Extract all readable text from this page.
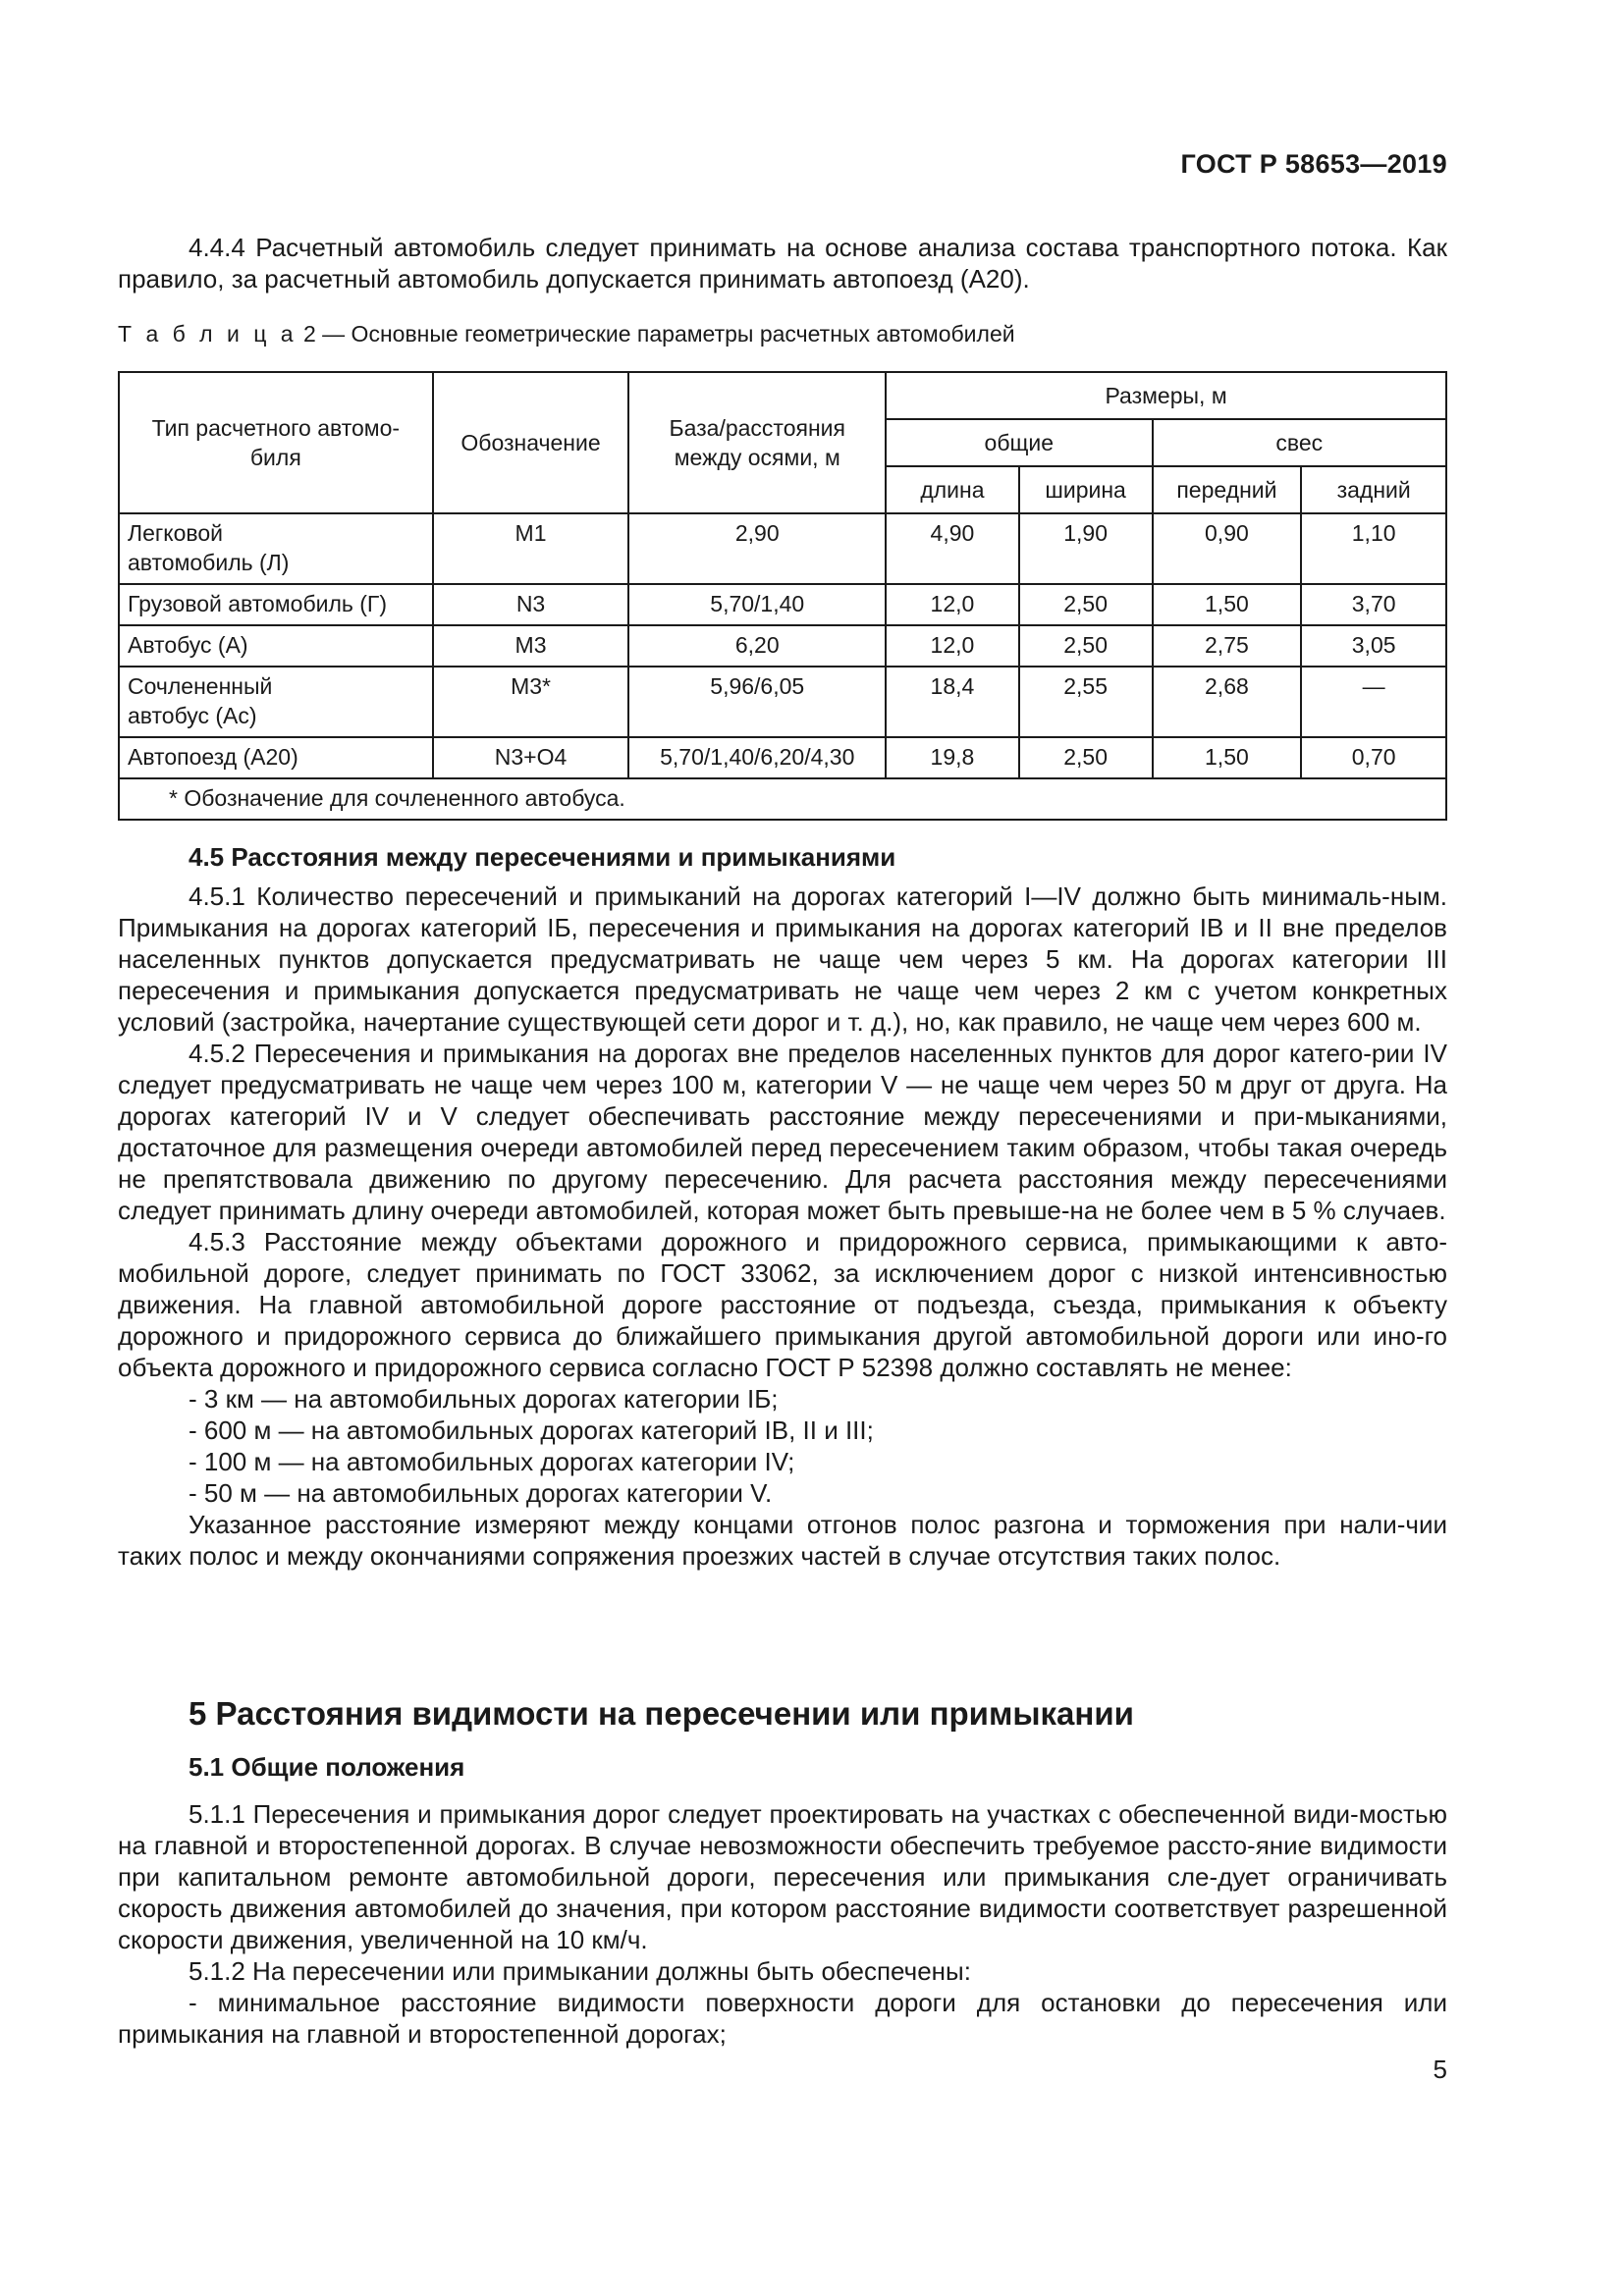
ГОСТ Р 58653—2019

4.4.4 Расчетный автомобиль следует принимать на основе анализа состава транспортного потока. Как правило, за расчетный автомобиль допускается принимать автопоезд (А20).

Т а б л и ц а 2 — Основные геометрические параметры расчетных автомобилей
Тип расчетного автомо-биля	Обозначение	База/расстояния между осями, м	Размеры, м			
			общие		свес	
			длина	ширина	передний	задний
Легковой автомобиль (Л)	M1	2,90	4,90	1,90	0,90	1,10
Грузовой автомобиль (Г)	N3	5,70/1,40	12,0	2,50	1,50	3,70
Автобус (А)	M3	6,20	12,0	2,50	2,75	3,05
Сочлененный автобус (Ас)	M3*	5,96/6,05	18,4	2,55	2,68	—
Автопоезд (А20)	N3+O4	5,70/1,40/6,20/4,30	19,8	2,50	1,50	0,70
* Обозначение для сочлененного автобуса.						

4.5 Расстояния между пересечениями и примыканиями

4.5.1 Количество пересечений и примыканий на дорогах категорий I—IV должно быть минималь-ным. Примыкания на дорогах категорий IБ, пересечения и примыкания на дорогах категорий IВ и II вне пределов населенных пунктов допускается предусматривать не чаще чем через 5 км. На дорогах категории III пересечения и примыкания допускается предусматривать не чаще чем через 2 км с учетом конкретных условий (застройка, начертание существующей сети дорог и т. д.), но, как правило, не чаще чем через 600 м.

4.5.2 Пересечения и примыкания на дорогах вне пределов населенных пунктов для дорог катего-рии IV следует предусматривать не чаще чем через 100 м, категории V — не чаще чем через 50 м друг от друга. На дорогах категорий IV и V следует обеспечивать расстояние между пересечениями и при-мыканиями, достаточное для размещения очереди автомобилей перед пересечением таким образом, чтобы такая очередь не препятствовала движению по другому пересечению. Для расчета расстояния между пересечениями следует принимать длину очереди автомобилей, которая может быть превыше-на не более чем в 5 % случаев.

4.5.3 Расстояние между объектами дорожного и придорожного сервиса, примыкающими к авто-мобильной дороге, следует принимать по ГОСТ 33062, за исключением дорог с низкой интенсивностью движения. На главной автомобильной дороге расстояние от подъезда, съезда, примыкания к объекту дорожного и придорожного сервиса до ближайшего примыкания другой автомобильной дороги или ино-го объекта дорожного и придорожного сервиса согласно ГОСТ Р 52398 должно составлять не менее:

- 3 км — на автомобильных дорогах категории IБ;

- 600 м — на автомобильных дорогах категорий IВ, II и III;

- 100 м — на автомобильных дорогах категории IV;

- 50 м — на автомобильных дорогах категории V.

Указанное расстояние измеряют между концами отгонов полос разгона и торможения при нали-чии таких полос и между окончаниями сопряжения проезжих частей в случае отсутствия таких полос.

5 Расстояния видимости на пересечении или примыкании

5.1 Общие положения

5.1.1 Пересечения и примыкания дорог следует проектировать на участках с обеспеченной види-мостью на главной и второстепенной дорогах. В случае невозможности обеспечить требуемое рассто-яние видимости при капитальном ремонте автомобильной дороги, пересечения или примыкания сле-дует ограничивать скорость движения автомобилей до значения, при котором расстояние видимости соответствует разрешенной скорости движения, увеличенной на 10 км/ч.

5.1.2 На пересечении или примыкании должны быть обеспечены:

- минимальное расстояние видимости поверхности дороги для остановки до пересечения или примыкания на главной и второстепенной дорогах;

5
